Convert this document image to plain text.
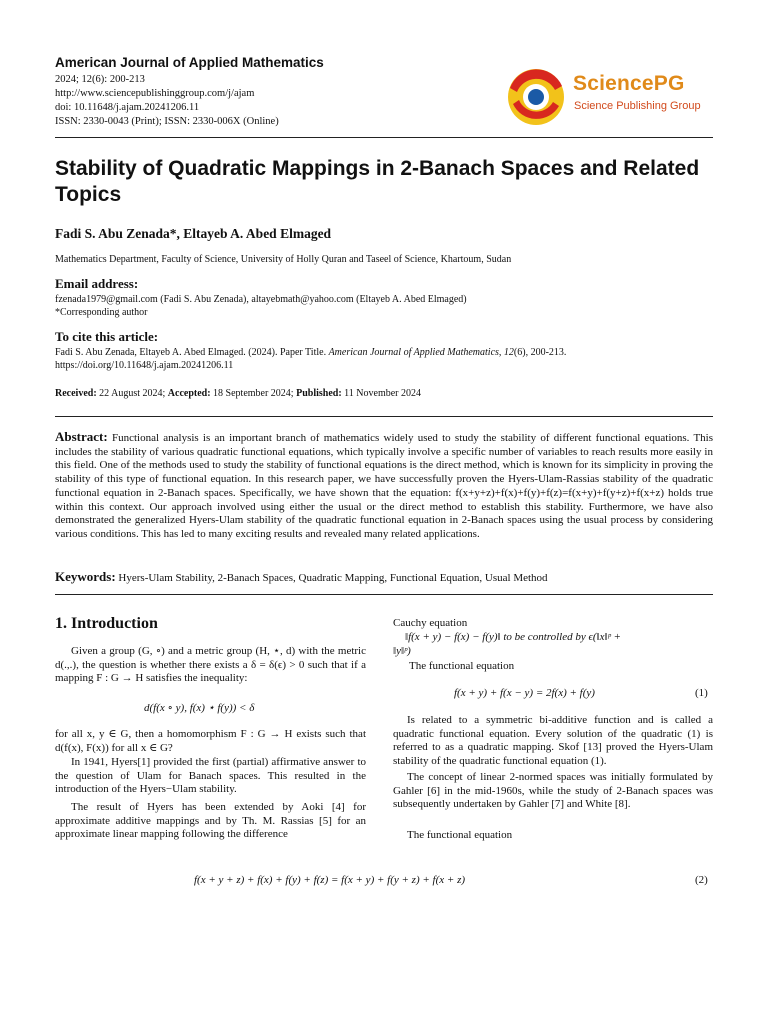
American Journal of Applied Mathematics
2024; 12(6): 200-213
http://www.sciencepublishinggroup.com/j/ajam
doi: 10.11648/j.ajam.20241206.11
ISSN: 2330-0043 (Print); ISSN: 2330-006X (Online)
SciencePG
Science Publishing Group
Stability of Quadratic Mappings in 2-Banach Spaces and Related Topics
Fadi S. Abu Zenada*, Eltayeb A. Abed Elmaged
Mathematics Department, Faculty of Science, University of Holly Quran and Taseel of Science, Khartoum, Sudan
Email address:
fzenada1979@gmail.com (Fadi S. Abu Zenada), altayebmath@yahoo.com (Eltayeb A. Abed Elmaged)
*Corresponding author
To cite this article:
Fadi S. Abu Zenada, Eltayeb A. Abed Elmaged. (2024). Paper Title. American Journal of Applied Mathematics, 12(6), 200-213.
https://doi.org/10.11648/j.ajam.20241206.11
Received: 22 August 2024; Accepted: 18 September 2024; Published: 11 November 2024
Abstract: Functional analysis is an important branch of mathematics widely used to study the stability of different functional equations. This includes the stability of various quadratic functional equations, which typically involve a specific number of variables to reach results more easily in this field. One of the methods used to study the stability of functional equations is the direct method, which is known for its simplicity in proving the stability of this type of functional equation. In this research paper, we have successfully proven the Hyers-Ulam-Rassias stability of the quadratic functional equation in 2-Banach spaces. Specifically, we have shown that the equation: f(x+y+z)+f(x)+f(y)+f(z)=f(x+y)+f(y+z)+f(x+z) holds true within this context. Our approach involved using either the usual or the direct method to establish this stability. Furthermore, we have also demonstrated the generalized Hyers-Ulam stability of the quadratic functional equation in 2-Banach spaces using the usual process by considering various conditions. This has led to many exciting results and revealed many related applications.
Keywords: Hyers-Ulam Stability, 2-Banach Spaces, Quadratic Mapping, Functional Equation, Usual Method
1. Introduction
Given a group (G, ∘) and a metric group (H, ⋆, d) with the metric d(.,.), the question is whether there exists a δ = δ(ϵ) > 0 such that if a mapping F : G → H satisfies the inequality:
d(f(x ∘ y), f(x) ⋆ f(y)) < δ
for all x, y ∈ G, then a homomorphism F : G → H exists such that d(f(x), F(x)) for all x ∈ G?
In 1941, Hyers[1] provided the first (partial) affirmative answer to the question of Ulam for Banach spaces. This resulted in the introduction of the Hyers−Ulam stability.
The result of Hyers has been extended by Aoki [4] for approximate additive mappings and by Th. M. Rassias [5] for an approximate linear mapping following the difference
Cauchy equation
‖f(x + y) − f(x) − f(y)‖ to be controlled by ϵ(‖x‖ᵖ +
‖y‖ᵖ)
The functional equation
f(x + y) + f(x − y) = 2f(x) + f(y)	(1)
Is related to a symmetric bi-additive function and is called a quadratic functional equation. Every solution of the quadratic (1) is referred to as a quadratic mapping. Skof [13] proved the Hyers-Ulam stability of the quadratic functional equation (1).
The concept of linear 2-normed spaces was initially formulated by Gahler [6] in the mid-1960s, while the study of 2-Banach spaces was subsequently undertaken by Gahler [7] and White [8].
The functional equation
f(x + y + z) + f(x) + f(y) + f(z) = f(x + y) + f(y + z) + f(x + z)	(2)
